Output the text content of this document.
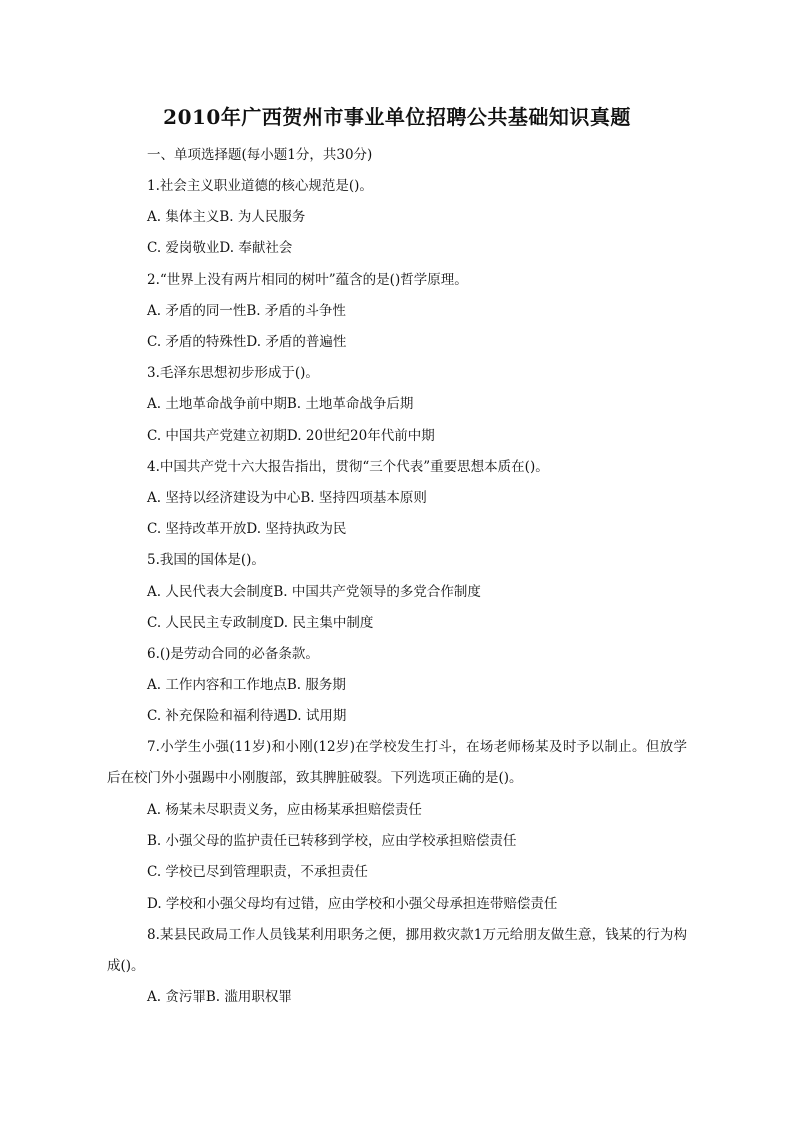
2010年广西贺州市事业单位招聘公共基础知识真题
一、单项选择题(每小题1分，共30分)
1.社会主义职业道德的核心规范是()。
A. 集体主义B. 为人民服务
C. 爱岗敬业D. 奉献社会
2.“世界上没有两片相同的树叶”蕴含的是()哲学原理。
A. 矛盾的同一性B. 矛盾的斗争性
C. 矛盾的特殊性D. 矛盾的普遍性
3.毛泽东思想初步形成于()。
A. 土地革命战争前中期B. 土地革命战争后期
C. 中国共产党建立初期D. 20世纪20年代前中期
4.中国共产党十六大报告指出，贯彻“三个代表”重要思想本质在()。
A. 坚持以经济建设为中心B. 坚持四项基本原则
C. 坚持改革开放D. 坚持执政为民
5.我国的国体是()。
A. 人民代表大会制度B. 中国共产党领导的多党合作制度
C. 人民民主专政制度D. 民主集中制度
6.()是劳动合同的必备条款。
A. 工作内容和工作地点B. 服务期
C. 补充保险和福利待遇D. 试用期
7.小学生小强(11岁)和小刚(12岁)在学校发生打斗，在场老师杨某及时予以制止。但放学后在校门外小强踢中小刚腹部，致其脾脏破裂。下列选项正确的是()。
A. 杨某未尽职责义务，应由杨某承担赔偿责任
B. 小强父母的监护责任已转移到学校，应由学校承担赔偿责任
C. 学校已尽到管理职责，不承担责任
D. 学校和小强父母均有过错，应由学校和小强父母承担连带赔偿责任
8.某县民政局工作人员钱某利用职务之便，挪用救灾款1万元给朋友做生意，钱某的行为构成()。
A. 贪污罪B. 滥用职权罪
